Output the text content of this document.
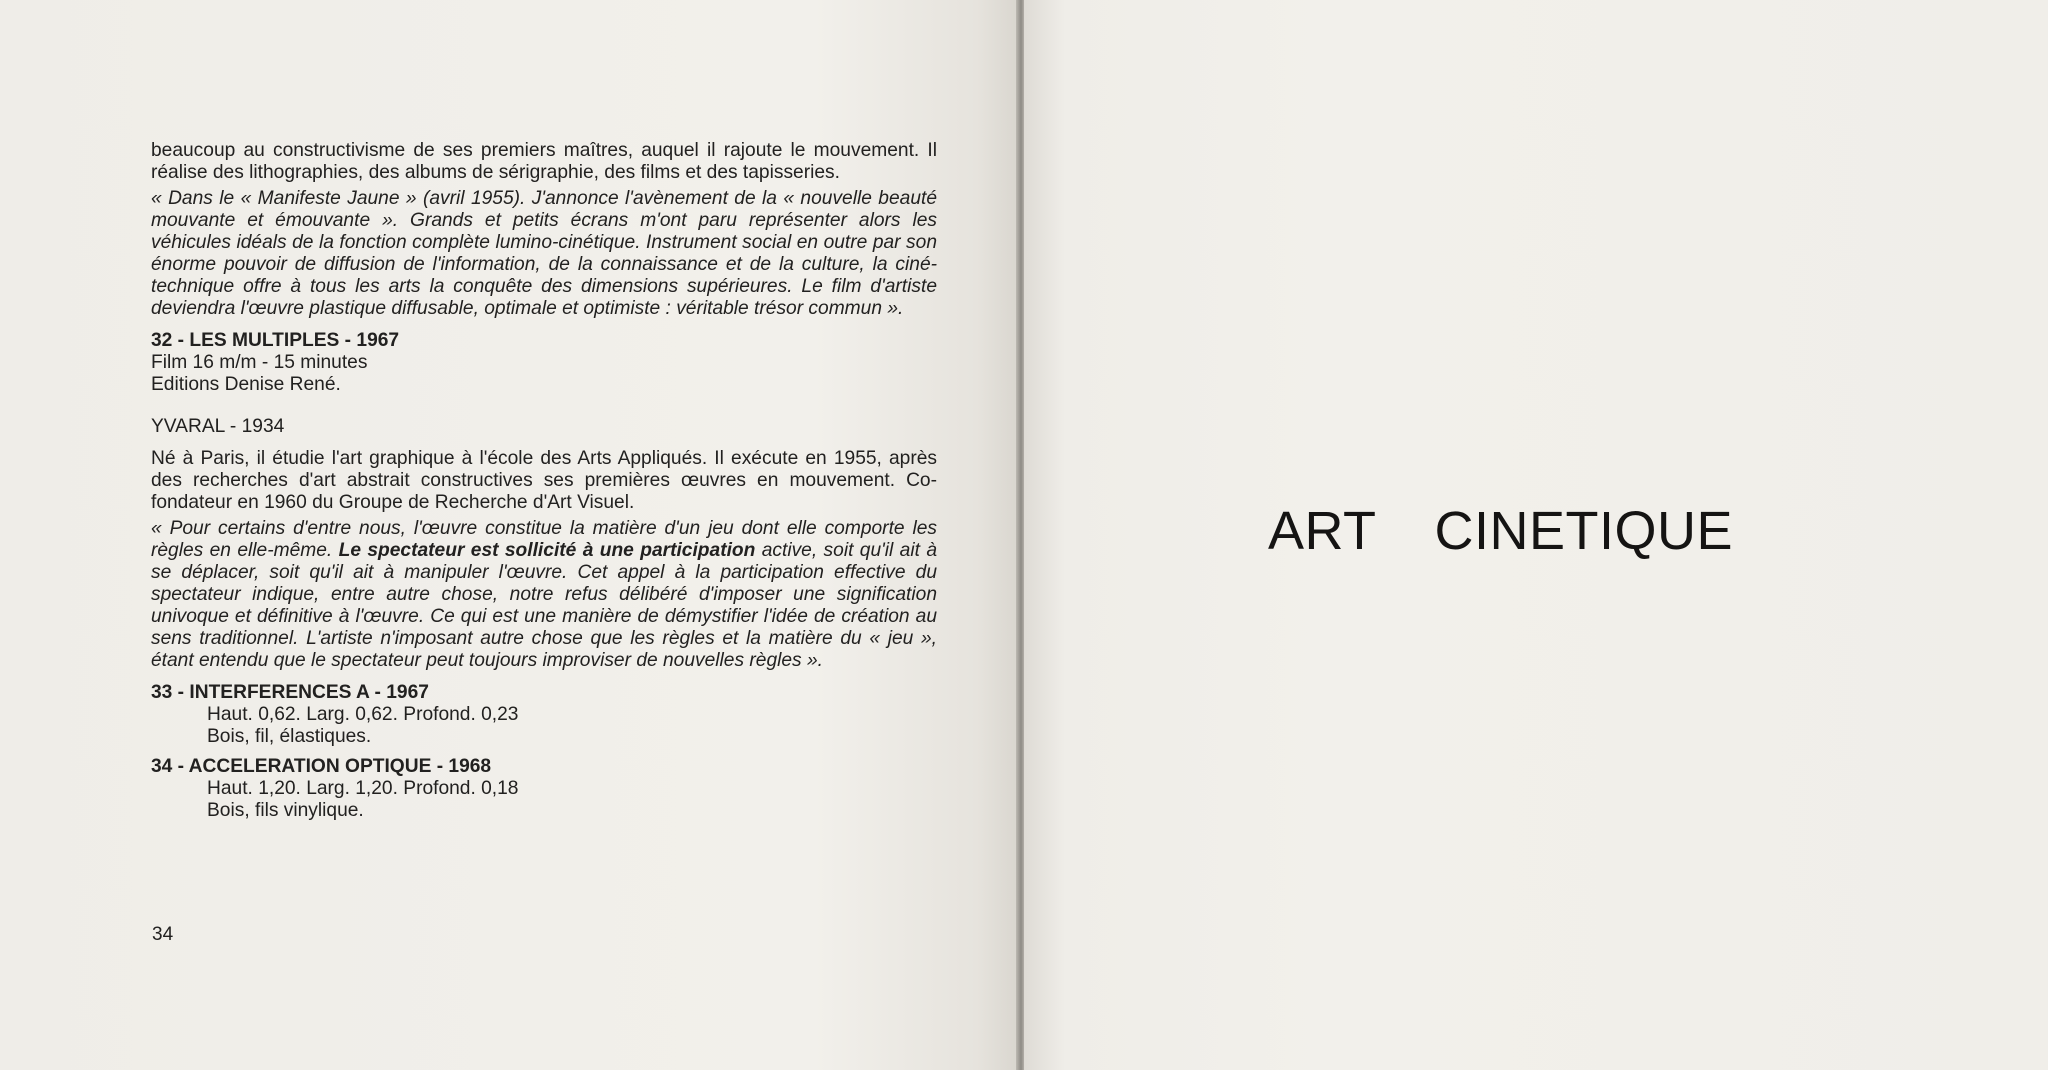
beaucoup au constructivisme de ses premiers maîtres, auquel il rajoute le mouvement. Il réalise des lithographies, des albums de sérigraphie, des films et des tapisseries.

« Dans le « Manifeste Jaune » (avril 1955). J'annonce l'avènement de la « nouvelle beauté mouvante et émouvante ». Grands et petits écrans m'ont paru représenter alors les véhicules idéals de la fonction complète lumino-cinétique. Instrument social en outre par son énorme pouvoir de diffusion de l'information, de la connaissance et de la culture, la ciné-technique offre à tous les arts la conquête des dimensions supérieures. Le film d'artiste deviendra l'œuvre plastique diffusable, optimale et optimiste : véritable trésor commun ».

32 - LES MULTIPLES - 1967

Film 16 m/m - 15 minutes

Editions Denise René.

YVARAL - 1934

Né à Paris, il étudie l'art graphique à l'école des Arts Appliqués. Il exécute en 1955, après des recherches d'art abstrait constructives ses premières œuvres en mouvement. Co-fondateur en 1960 du Groupe de Recherche d'Art Visuel.

« Pour certains d'entre nous, l'œuvre constitue la matière d'un jeu dont elle comporte les règles en elle-même. Le spectateur est sollicité à une participation active, soit qu'il ait à se déplacer, soit qu'il ait à manipuler l'œuvre. Cet appel à la participation effective du spectateur indique, entre autre chose, notre refus délibéré d'imposer une signification univoque et définitive à l'œuvre. Ce qui est une manière de démystifier l'idée de création au sens traditionnel. L'artiste n'imposant autre chose que les règles et la matière du « jeu », étant entendu que le spectateur peut toujours improviser de nouvelles règles ».

33 - INTERFERENCES A - 1967

Haut. 0,62. Larg. 0,62. Profond. 0,23

Bois, fil, élastiques.

34 - ACCELERATION OPTIQUE - 1968

Haut. 1,20. Larg. 1,20. Profond. 0,18

Bois, fils vinylique.

34
ART CINETIQUE
